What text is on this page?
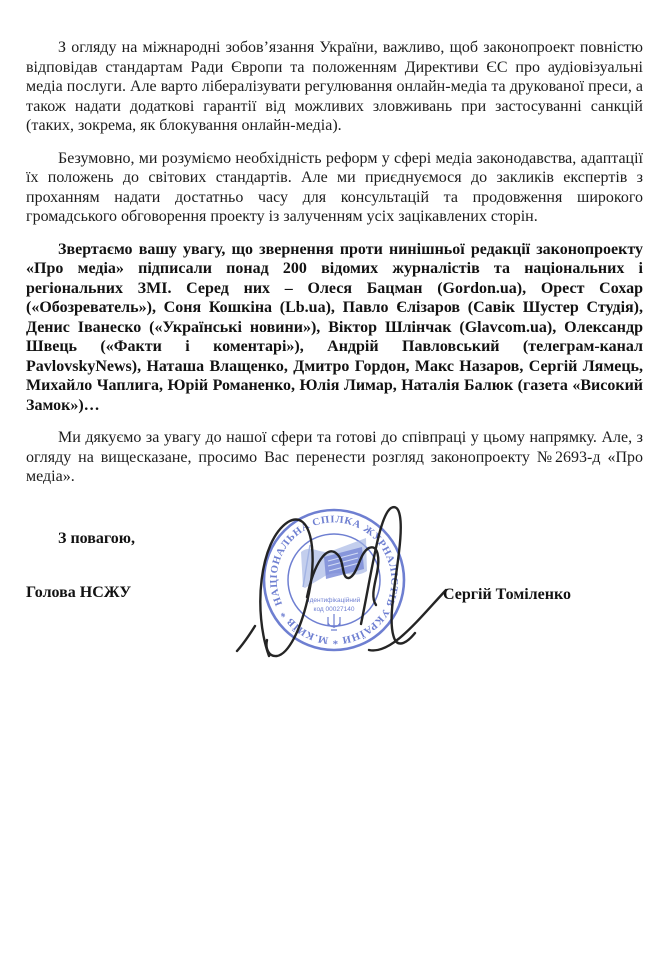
З огляду на міжнародні зобов’язання України, важливо, щоб законопроект повністю відповідав стандартам Ради Європи та положенням Директиви ЄС про аудіовізуальні медіа послуги. Але варто лібералізувати регулювання онлайн-медіа та друкованої преси, а також надати додаткові гарантії від можливих зловживань при застосуванні санкцій (таких, зокрема, як блокування онлайн-медіа).

Безумовно, ми розуміємо необхідність реформ у сфері медіа законодавства, адаптації їх положень до світових стандартів. Але ми приєднуємося до закликів експертів з проханням надати достатньо часу для консультацій та продовження широкого громадського обговорення проекту із залученням усіх зацікавлених сторін.

Звертаємо вашу увагу, що звернення проти нинішньої редакції законопроекту «Про медіа» підписали понад 200 відомих журналістів та національних і регіональних ЗМІ. Серед них – Олеся Бацман (Gordon.ua), Орест Сохар («Обозреватель»), Соня Кошкіна (Lb.ua), Павло Єлізаров (Савік Шустер Студія), Денис Іванеско («Українські новини»), Віктор Шлінчак (Glavcom.ua), Олександр Швець («Факти і коментарі»), Андрій Павловський (телеграм-канал PavlovskyNews), Наташа Влащенко, Дмитро Гордон, Макс Назаров, Сергій Лямець, Михайло Чаплига, Юрій Романенко, Юлія Лимар, Наталія Балюк (газета «Високий Замок»)…

Ми дякуємо за увагу до нашої сфери та готові до співпраці у цьому напрямку. Але, з огляду на вищесказане, просимо Вас перенести розгляд законопроекту №2693-д «Про медіа».

З повагою,

Голова НСЖУ	Сергій Томіленко
НАЦІОНАЛЬНА СПІЛКА ЖУРНАЛІСТІВ УКРАЇНИ * М.КИЇВ *
Ідентифікаційний
код 00027140
